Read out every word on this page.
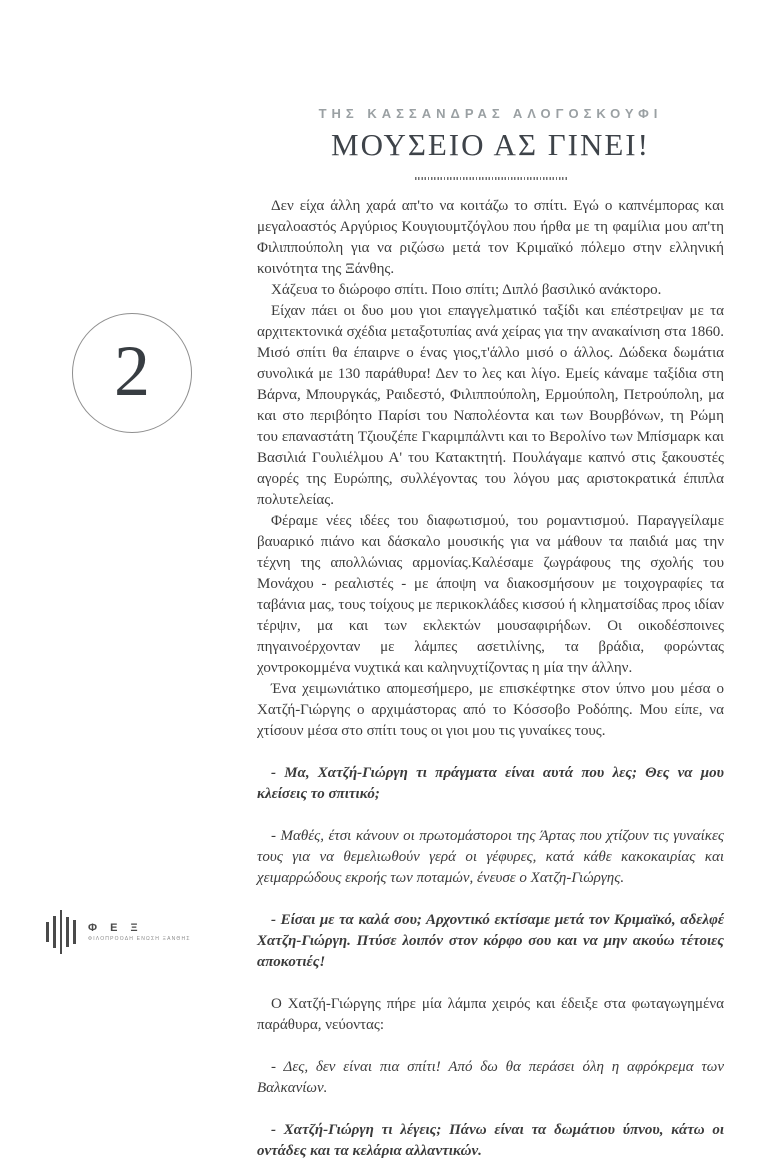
ΤΗΣ ΚΑΣΣΑΝΔΡΑΣ ΑΛΟΓΟΣΚΟΥΦΙ

ΜΟΥΣΕΙΟ ΑΣ ΓΙΝΕΙ!

Δεν είχα άλλη χαρά απ'το να κοιτάζω το σπίτι. Εγώ ο καπνέμπορας και μεγαλοαστός Αργύριος Κουγιουμτζόγλου που ήρθα με τη φαμίλια μου απ'τη Φιλιππούπολη για να ριζώσω μετά τον Κριμαϊκό πόλεμο στην ελληνική κοινότητα της Ξάνθης.

Χάζευα το διώροφο σπίτι. Ποιο σπίτι; Διπλό βασιλικό ανάκτορο.

Είχαν πάει οι δυο μου γιοι επαγγελματικό ταξίδι και επέστρεψαν με τα αρχιτεκτονικά σχέδια μεταξοτυπίας ανά χείρας για την ανακαίνιση στα 1860. Μισό σπίτι θα έπαιρνε ο ένας γιος,τ'άλλο μισό ο άλλος. Δώδεκα δωμάτια συνολικά με 130 παράθυρα! Δεν το λες και λίγο. Εμείς κάναμε ταξίδια στη Βάρνα, Μπουργκάς, Ραιδεστό, Φιλιππούπολη, Ερμούπολη, Πετρούπολη, μα και στο περιβόητο Παρίσι του Ναπολέοντα και των Βουρβόνων, τη Ρώμη του επαναστάτη Τζιουζέπε Γκαριμπάλντι και το Βερολίνο των Μπίσμαρκ και Βασιλιά Γουλιέλμου Α' του Κατακτητή. Πουλάγαμε καπνό στις ξακουστές αγορές της Ευρώπης, συλλέγοντας του λόγου μας αριστοκρατικά έπιπλα πολυτελείας.

Φέραμε νέες ιδέες του διαφωτισμού, του ρομαντισμού. Παραγγείλαμε βαυαρικό πιάνο και δάσκαλο μουσικής για να μάθουν τα παιδιά μας την τέχνη της απολλώνιας αρμονίας.Καλέσαμε ζωγράφους της σχολής του Μονάχου - ρεαλιστές - με άποψη να διακοσμήσουν με τοιχογραφίες τα ταβάνια μας, τους τοίχους με περικοκλάδες κισσού ή κληματσίδας προς ιδίαν τέρψιν, μα και των εκλεκτών μουσαφιρήδων. Οι οικοδέσποινες πηγαινοέρχονταν με λάμπες ασετιλίνης, τα βράδια, φορώντας χοντροκομμένα νυχτικά και καληνυχτίζοντας η μία την άλλην.

Ένα χειμωνιάτικο απομεσήμερο, με επισκέφτηκε στον ύπνο μου μέσα ο Χατζή-Γιώργης ο αρχιμάστορας από το Κόσσοβο Ροδόπης. Μου είπε, να χτίσουν μέσα στο σπίτι τους οι γιοι μου τις γυναίκες τους.

- Μα, Χατζή-Γιώργη τι πράγματα είναι αυτά που λες; Θες να μου κλείσεις το σπιτικό;

- Μαθές, έτσι κάνουν οι πρωτομάστοροι της Άρτας που χτίζουν τις γυναίκες τους για να θεμελιωθούν γερά οι γέφυρες, κατά κάθε κακοκαιρίας και χειμαρρώδους εκροής των ποταμών, ένευσε ο Χατζη-Γιώργης.

- Είσαι με τα καλά σου; Αρχοντικό εκτίσαμε μετά τον Κριμαϊκό, αδελφέ Χατζη-Γιώργη. Πτύσε λοιπόν στον κόρφο σου και να μην ακούω τέτοιες αποκοτιές!

Ο Χατζή-Γιώργης πήρε μία λάμπα χειρός και έδειξε στα φωταγωγημένα παράθυρα, νεύοντας:

- Δες, δεν είναι πια σπίτι! Από δω θα περάσει όλη η αφρόκρεμα των Βαλκανίων.

- Χατζή-Γιώργη τι λέγεις; Πάνω είναι τα δωμάτιου ύπνου, κάτω οι οντάδες και τα κελάρια αλλαντικών.

2
Φ Ε Ξ
ΦΙΛΟΠΡΟΟΔΗ ΕΝΩΣΗ ΞΑΝΘΗΣ
